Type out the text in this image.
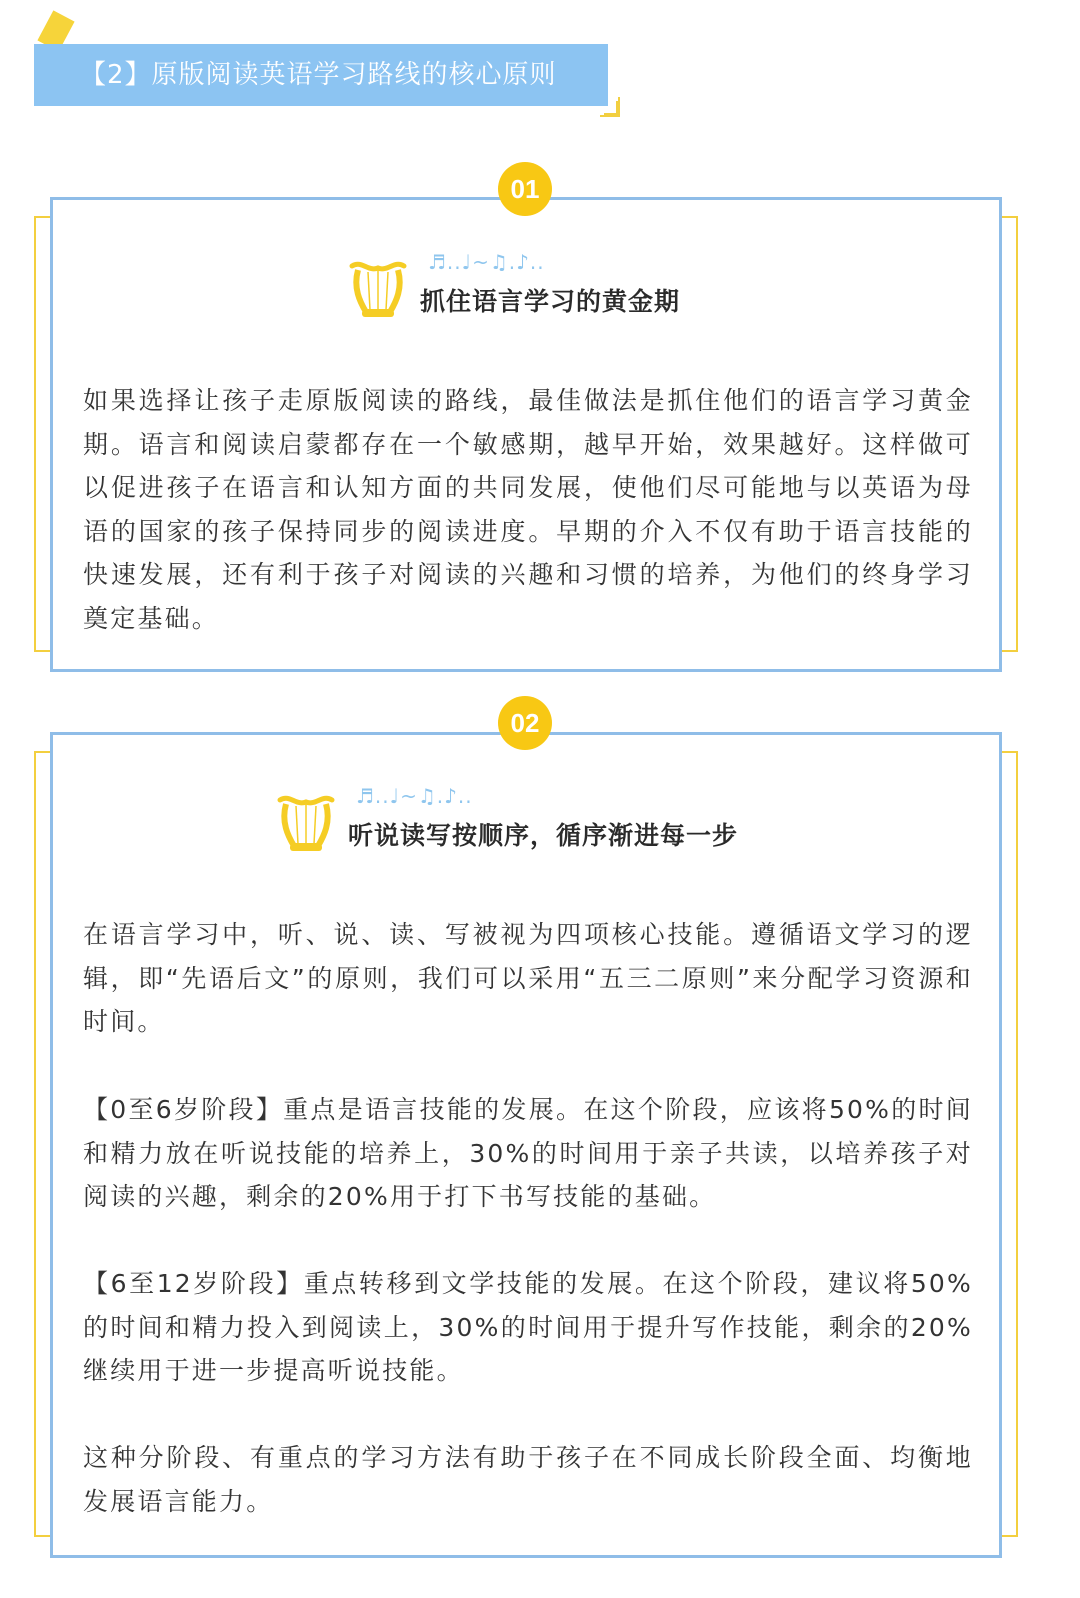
【2】原版阅读英语学习路线的核心原则
01
♬..♩~♫.♪..
抓住语言学习的黄金期

如果选择让孩子走原版阅读的路线，最佳做法是抓住他们的语言学习黄金期。语言和阅读启蒙都存在一个敏感期，越早开始，效果越好。这样做可以促进孩子在语言和认知方面的共同发展，使他们尽可能地与以英语为母语的国家的孩子保持同步的阅读进度。早期的介入不仅有助于语言技能的快速发展，还有利于孩子对阅读的兴趣和习惯的培养，为他们的终身学习奠定基础。

02
♬..♩~♫.♪..
听说读写按顺序，循序渐进每一步

在语言学习中，听、说、读、写被视为四项核心技能。遵循语文学习的逻辑，即“先语后文”的原则，我们可以采用“五三二原则”来分配学习资源和时间。

【0至6岁阶段】重点是语言技能的发展。在这个阶段，应该将50%的时间和精力放在听说技能的培养上，30%的时间用于亲子共读，以培养孩子对阅读的兴趣，剩余的20%用于打下书写技能的基础。

【6至12岁阶段】重点转移到文学技能的发展。在这个阶段，建议将50%的时间和精力投入到阅读上，30%的时间用于提升写作技能，剩余的20%继续用于进一步提高听说技能。

这种分阶段、有重点的学习方法有助于孩子在不同成长阶段全面、均衡地发展语言能力。
